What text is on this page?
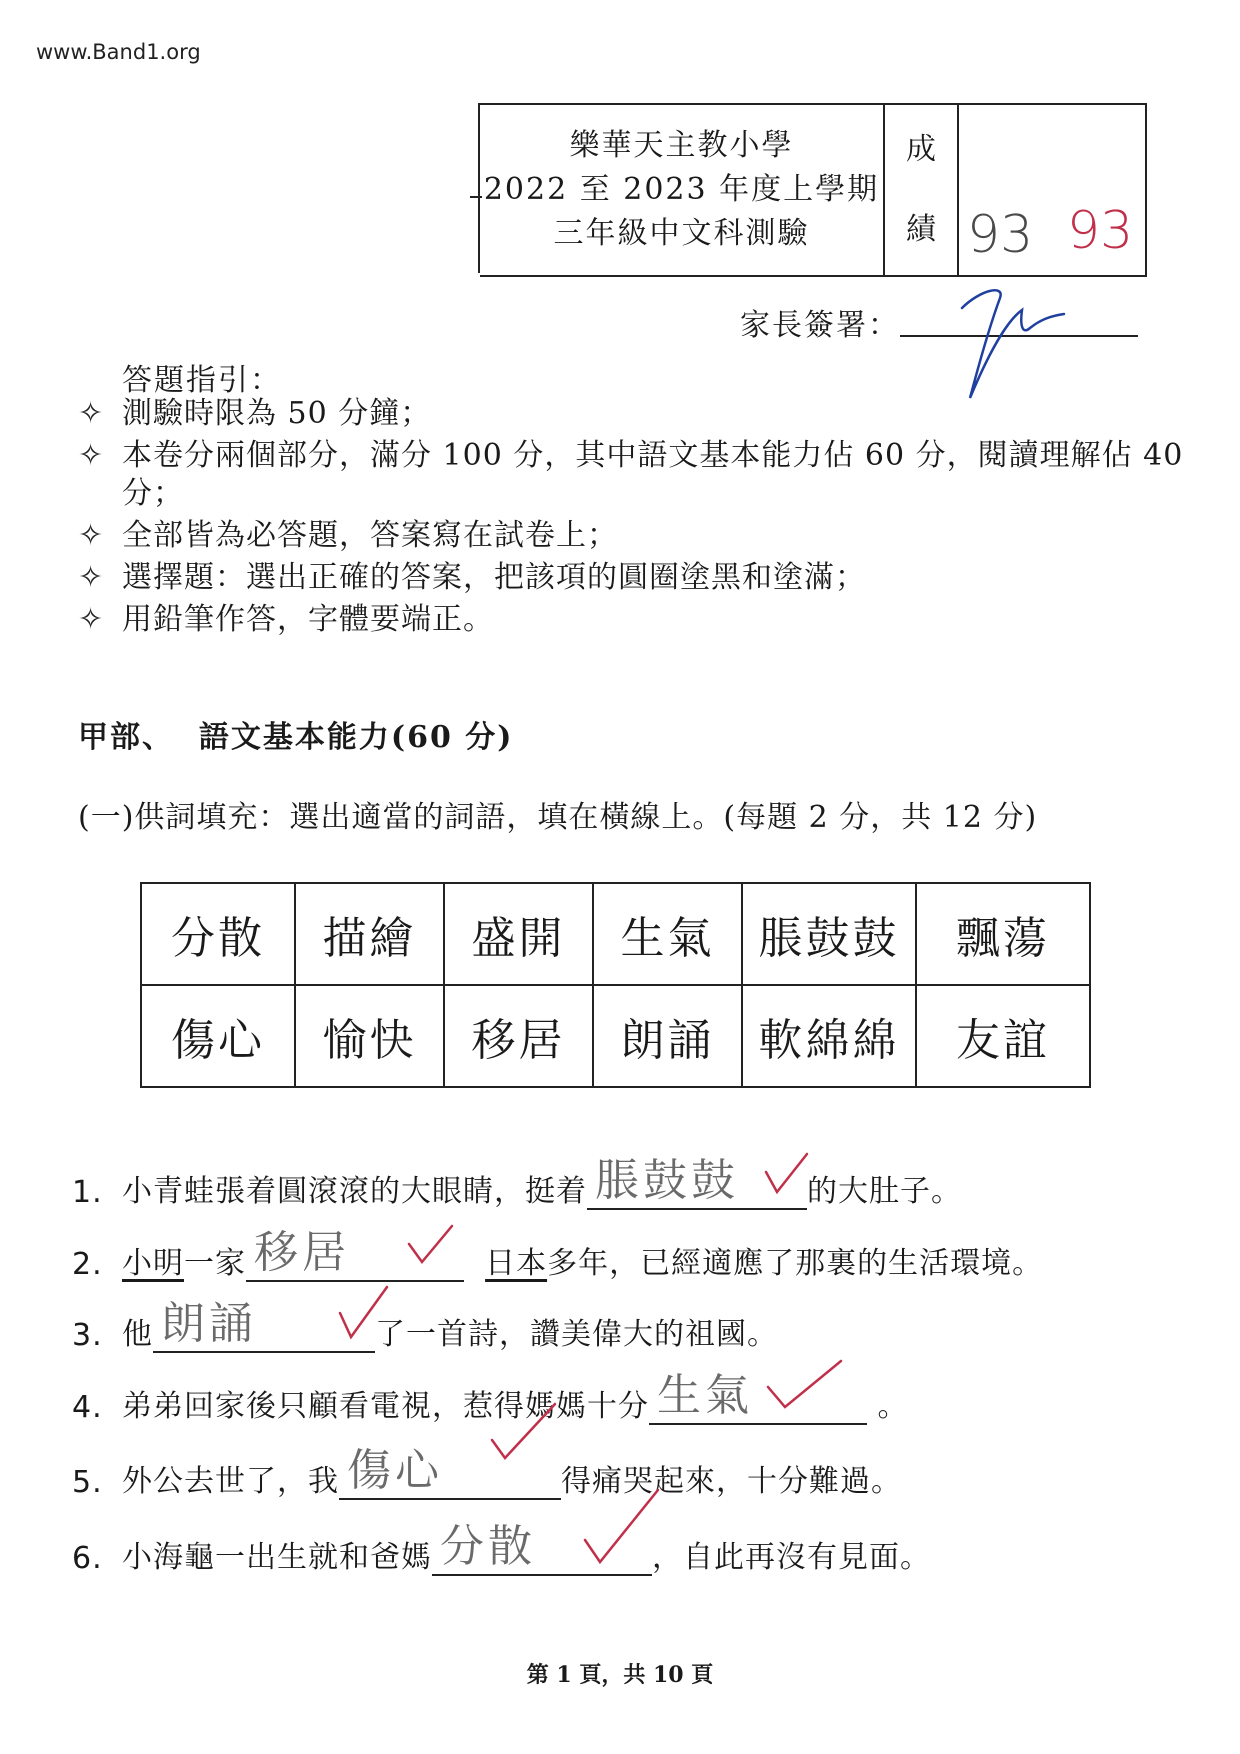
www.Band1.org
樂華天主教小學
2022 至 2023 年度上學期
三年級中文科測驗
成
績 93 93
家長簽署：
答題指引：
✧ 測驗時限為 50 分鐘；
✧ 本卷分兩個部分，滿分 100 分，其中語文基本能力佔 60 分，閱讀理解佔 40 分；
✧ 全部皆為必答題，答案寫在試卷上；
✧ 選擇題：選出正確的答案，把該項的圓圈塗黑和塗滿；
✧ 用鉛筆作答，字體要端正。
甲部、 語文基本能力(60 分)
(一)供詞填充：選出適當的詞語，填在橫線上。(每題 2 分，共 12 分)
分散	描繪	盛開	生氣	脹鼓鼓	飄蕩
傷心	愉快	移居	朗誦	軟綿綿	友誼
1. 小青蛙張着圓滾滾的大眼睛，挺着 脹鼓鼓 的大肚子。
2. 小明 一家 移居
	日本 多年，已經適應了那裏的生活環境。
3. 他 朗誦	了一首詩，讚美偉大的祖國。
4. 弟弟回家後只顧看電視，惹得媽媽十分 生氣
	。
5. 外公去世了，我 傷心	得痛哭起來，十分難過。
6. 小海龜一出生就和爸媽 分散	，自此再沒有見面。
第 1 頁，共 10 頁
